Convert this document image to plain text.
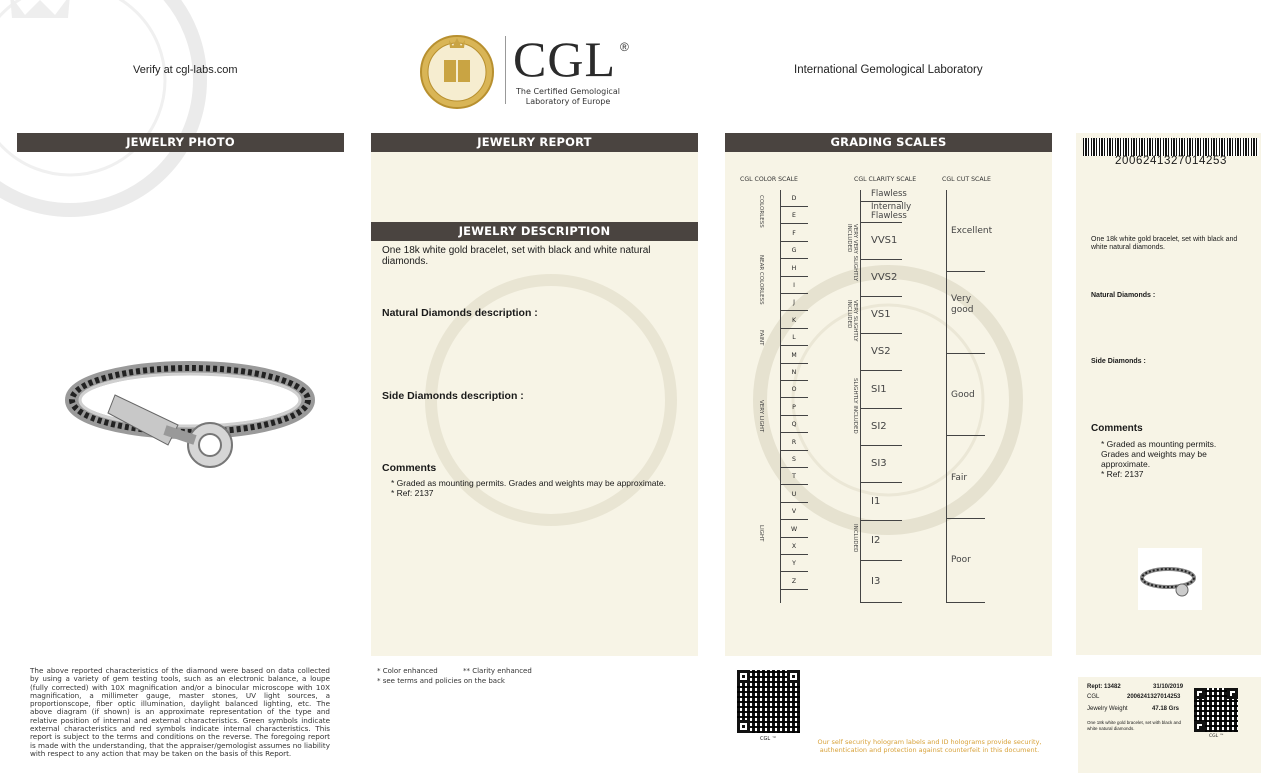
Verify at cgl-labs.com	CGL ®
The Certified Gemological
Laboratory of Europe
International Gemological Laboratory
JEWELRY PHOTO
The above reported characteristics of the diamond were based on data collected by using a variety of gem testing tools, such as an electronic balance, a loupe (fully corrected) with 10X magnification and/or a binocular microscope with 10X magnification, a millimeter gauge, master stones, UV light sources, a proportionscope, fiber optic illumination, daylight balanced lighting, etc. The above diagram (if shown) is an approximate representation of the type and relative position of internal and external characteristics. Green symbols indicate external characteristics and red symbols indicate internal characteristics. This report is subject to the terms and conditions on the reverse. The foregoing report is made with the understanding, that the appraiser/gemologist assumes no liability with respect to any action that may be taken on the basis of this Report.
JEWELRY REPORT
JEWELRY DESCRIPTION
One 18k white gold bracelet, set with black and white natural diamonds.
Natural Diamonds description :
Side Diamonds description :
Comments
* Graded as mounting permits. Grades and weights may be approximate.
* Ref: 2137
* Color enhanced	** Clarity enhanced
* see terms and policies on the back
GRADING SCALES
CGL COLOR SCALE	CGL CLARITY SCALE	CGL CUT SCALE
D
E
F
G
H
I
J
K
L
M
N
O
P
Q
R
S
T
U
V
W
X
Y
Z
COLORLESS
NEAR COLORLESS
FAINT
VERY LIGHT
LIGHT
Flawless
Internally Flawless
VVS1
VVS2
VS1
VS2
SI1
SI2
SI3
I1
I2
I3
VERY VERY SLIGHTLY INCLUDED
VERY SLIGHTLY INCLUDED
SLIGHTLY INCLUDED
INCLUDED
Excellent
Very good
Good
Fair
Poor
CGL ™	Our self security hologram labels and ID holograms provide security, authentication and protection against counterfeit in this document.
2006241327014253
One 18k white gold bracelet, set with black and white natural diamonds.
Natural Diamonds :
Side Diamonds :
Comments
* Graded as mounting permits. Grades and weights may be approximate.
* Ref: 2137
Rept: 13482	31/10/2019
CGL	2006241327014253
Jewelry Weight	47.18 Grs
One 18k white gold bracelet, set with black and white natural diamonds.
CGL ™
